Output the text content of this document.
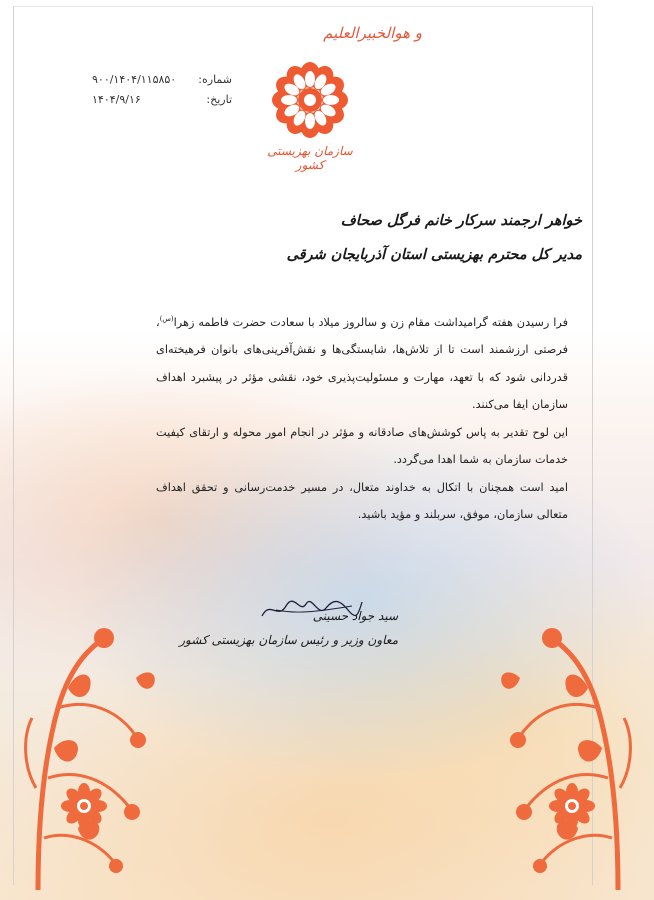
و هوالخبیرالعلیم
سازمان بهزیستی کشور
شماره:
۹۰۰/۱۴۰۴/۱۱۵۸۵۰
تاریخ:
۱۴۰۴/۹/۱۶
خواهر ارجمند سرکار خانم فرگل صحاف
مدیر کل محترم بهزیستی استان آذربایجان شرقی

فرا رسیدن هفته گرامیداشت مقام زن و سالروز میلاد با سعادت حضرت فاطمه زهرا$^{(س)}$، فرصتی ارزشمند است تا از تلاش‌ها، شایستگی‌ها و نقش‌آفرینی‌های بانوان فرهیخته‌ای قدردانی شود که با تعهد، مهارت و مسئولیت‌پذیری خود، نقشی مؤثر در پیشبرد اهداف سازمان ایفا می‌کنند.

این لوح تقدیر به پاس کوشش‌های صادقانه و مؤثر در انجام امور محوله و ارتقای کیفیت خدمات سازمان به شما اهدا می‌گردد.

امید است همچنان با اتکال به خداوند متعال، در مسیر خدمت‌رسانی و تحقق اهداف متعالی سازمان، موفق، سربلند و مؤید باشید.

سید جواد حسینی
معاون وزیر و رئیس سازمان بهزیستی کشور
